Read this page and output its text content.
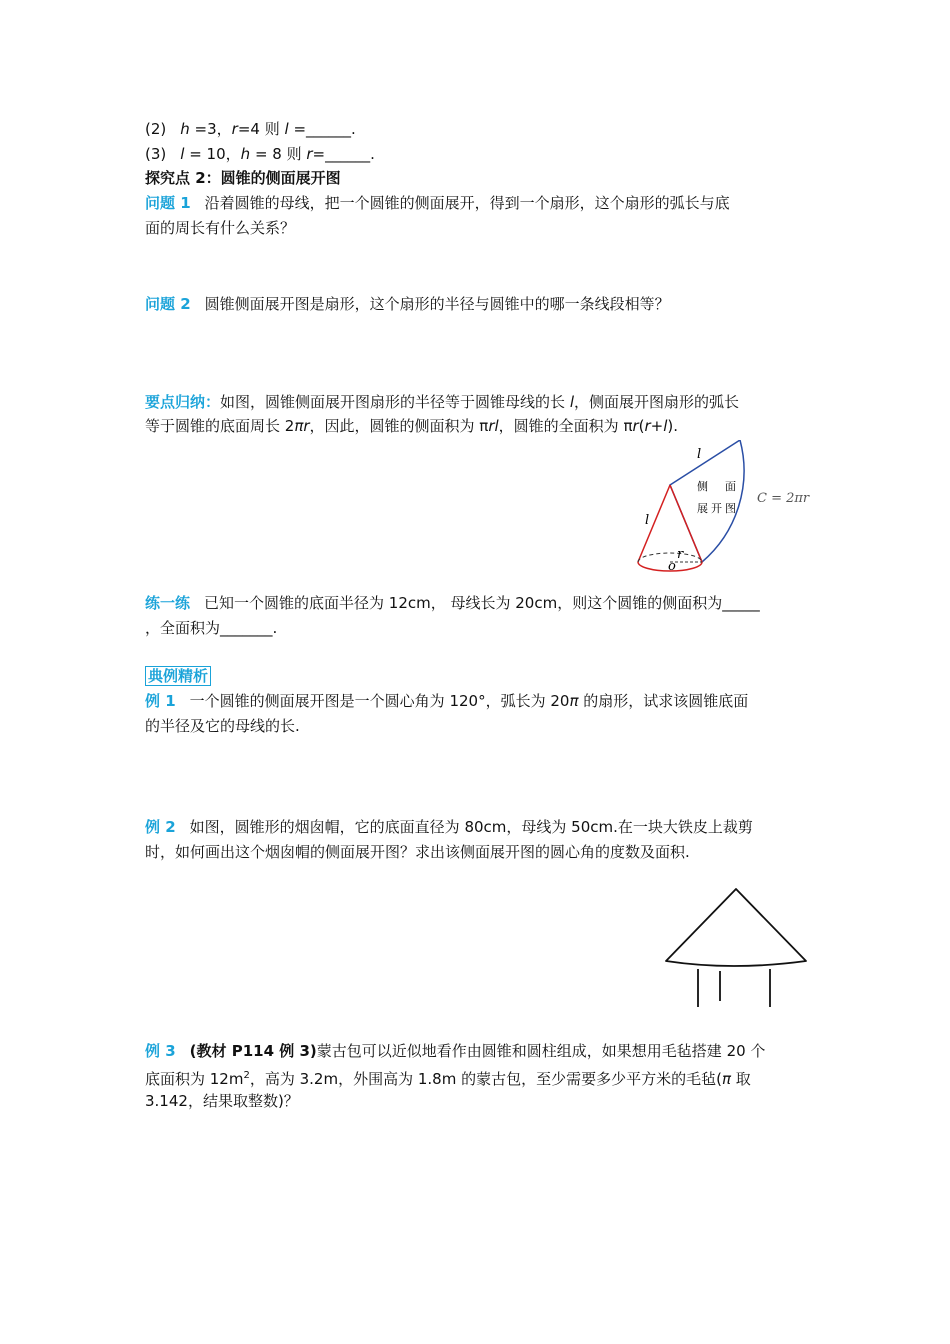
(2) h =3，r=4 则 l =______.
(3) l = 10，h = 8 则 r=______.
探究点 2：圆锥的侧面展开图
问题 1 沿着圆锥的母线，把一个圆锥的侧面展开，得到一个扇形，这个扇形的弧长与底
面的周长有什么关系？
问题 2 圆锥侧面展开图是扇形，这个扇形的半径与圆锥中的哪一条线段相等？
要点归纳：如图，圆锥侧面展开图扇形的半径等于圆锥母线的长 l，侧面展开图扇形的弧长
等于圆锥的底面周长 2πr，因此，圆锥的侧面积为 πrl，圆锥的全面积为 πr(r+l).
l
l
r
o
侧 面
展 开 图
C = 2πr
练一练 已知一个圆锥的底面半径为 12cm， 母线长为 20cm，则这个圆锥的侧面积为_____
，全面积为_______.
典例精析
例 1 一个圆锥的侧面展开图是一个圆心角为 120°，弧长为 20π 的扇形，试求该圆锥底面
的半径及它的母线的长.
例 2 如图，圆锥形的烟囱帽，它的底面直径为 80cm，母线为 50cm.在一块大铁皮上裁剪
时，如何画出这个烟囱帽的侧面展开图？求出该侧面展开图的圆心角的度数及面积.
例 3 (教材 P114 例 3)蒙古包可以近似地看作由圆锥和圆柱组成，如果想用毛毡搭建 20 个
底面积为 $12m^2$，高为 3.2m，外围高为 1.8m 的蒙古包，至少需要多少平方米的毛毡(π 取
3.142，结果取整数)？
